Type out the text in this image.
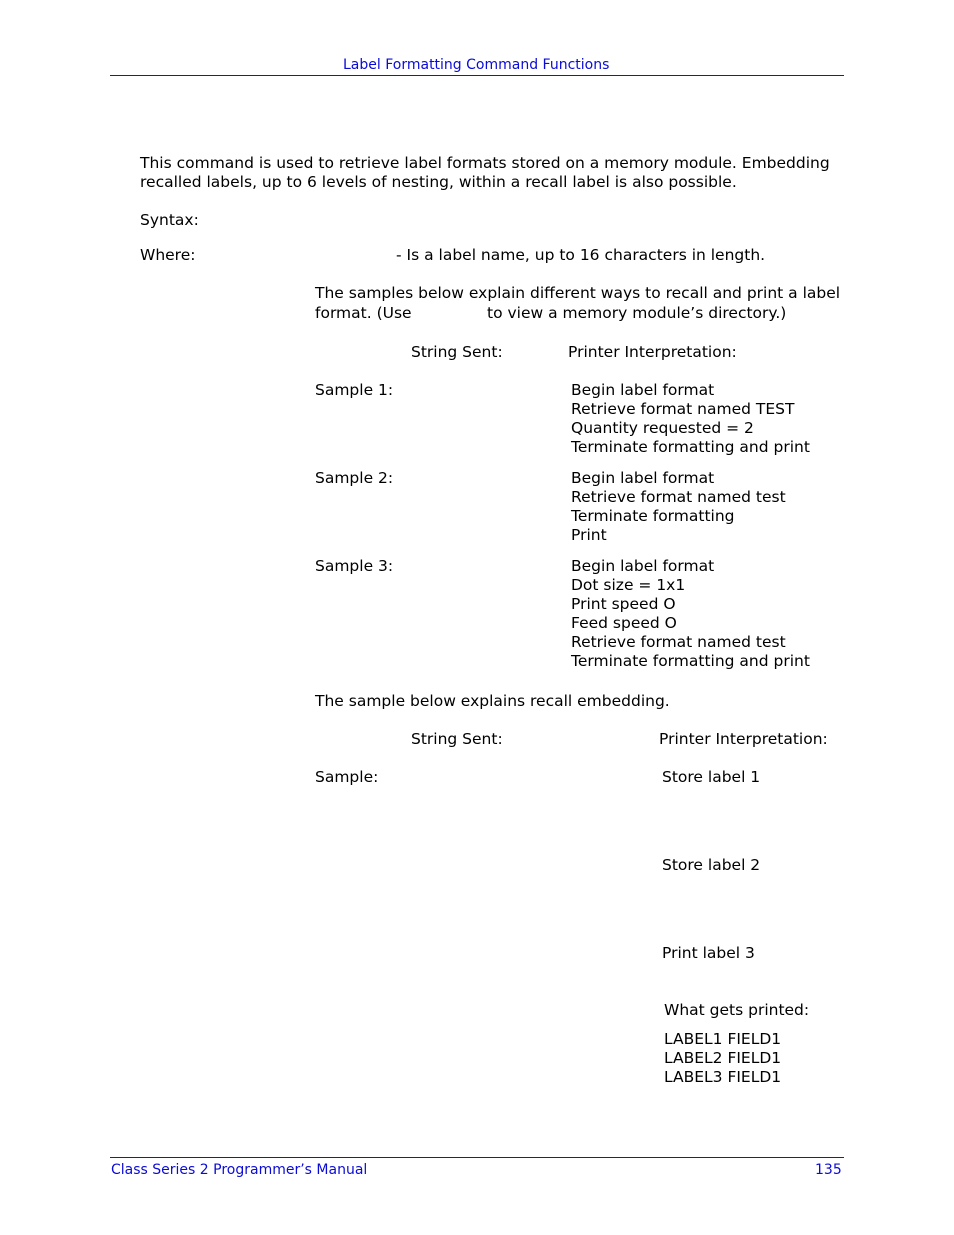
Label Formatting Command Functions
This command is used to retrieve label formats stored on a memory module. Embedding
recalled labels, up to 6 levels of nesting, within a recall label is also possible.
Syntax:
Where:	- Is a label name, up to 16 characters in length.
The samples below explain different ways to recall and print a label
format. (Use	to view a memory module’s directory.)
String Sent:	Printer Interpretation:
Sample 1:	Begin label format
Retrieve format named TEST
Quantity requested = 2
Terminate formatting and print
Sample 2:	Begin label format
Retrieve format named test
Terminate formatting
Print
Sample 3:	Begin label format
Dot size = 1x1
Print speed O
Feed speed O
Retrieve format named test
Terminate formatting and print
The sample below explains recall embedding.
String Sent:	Printer Interpretation:
Sample:	Store label 1
Store label 2
Print label 3
What gets printed:
LABEL1 FIELD1
LABEL2 FIELD1
LABEL3 FIELD1
Class Series 2 Programmer’s Manual	135
